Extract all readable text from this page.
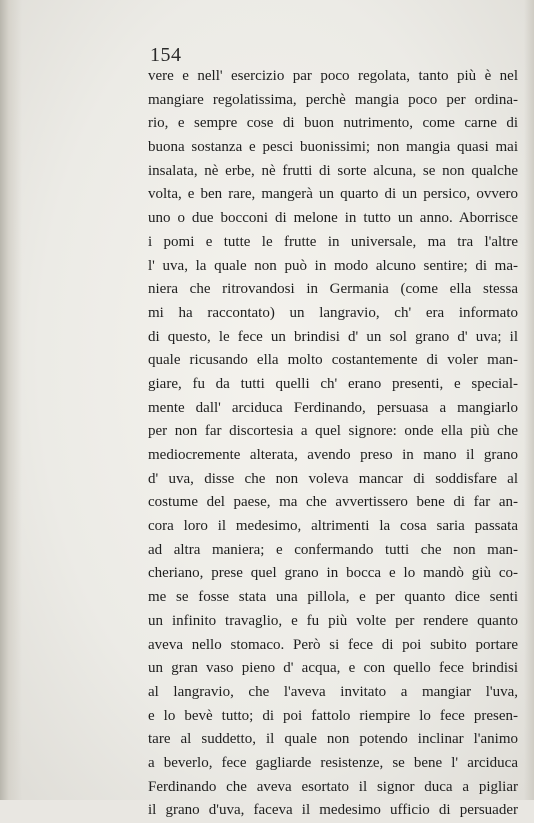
154

vere e nell' esercizio par poco regolata, tanto più è nel
mangiare regolatissima, perchè mangia poco per ordina-
rio, e sempre cose di buon nutrimento, come carne di
buona sostanza e pesci buonissimi; non mangia quasi mai
insalata, nè erbe, nè frutti di sorte alcuna, se non qualche
volta, e ben rare, mangerà un quarto di un persico, ovvero
uno o due bocconi di melone in tutto un anno. Aborrisce
i pomi e tutte le frutte in universale, ma tra l'altre
l' uva, la quale non può in modo alcuno sentire; di ma-
niera che ritrovandosi in Germania (come ella stessa
mi ha raccontato) un langravio, ch' era informato
di questo, le fece un brindisi d' un sol grano d' uva; il
quale ricusando ella molto costantemente di voler man-
giare, fu da tutti quelli ch' erano presenti, e special-
mente dall' arciduca Ferdinando, persuasa a mangiarlo
per non far discortesia a quel signore: onde ella più che
mediocremente alterata, avendo preso in mano il grano
d' uva, disse che non voleva mancar di soddisfare al
costume del paese, ma che avvertissero bene di far an-
cora loro il medesimo, altrimenti la cosa saria passata
ad altra maniera; e confermando tutti che non man-
cheriano, prese quel grano in bocca e lo mandò giù co-
me se fosse stata una pillola, e per quanto dice senti
un infinito travaglio, e fu più volte per rendere quanto
aveva nello stomaco. Però si fece di poi subito portare
un gran vaso pieno d' acqua, e con quello fece brindisi
al langravio, che l'aveva invitato a mangiar l'uva,
e lo bevè tutto; di poi fattolo riempire lo fece presen-
tare al suddetto, il quale non potendo inclinar l'animo
a beverlo, fece gagliarde resistenze, se bene l' arciduca
Ferdinando che aveva esortato il signor duca a pigliar
il grano d'uva, faceva il medesimo ufficio di persuader
